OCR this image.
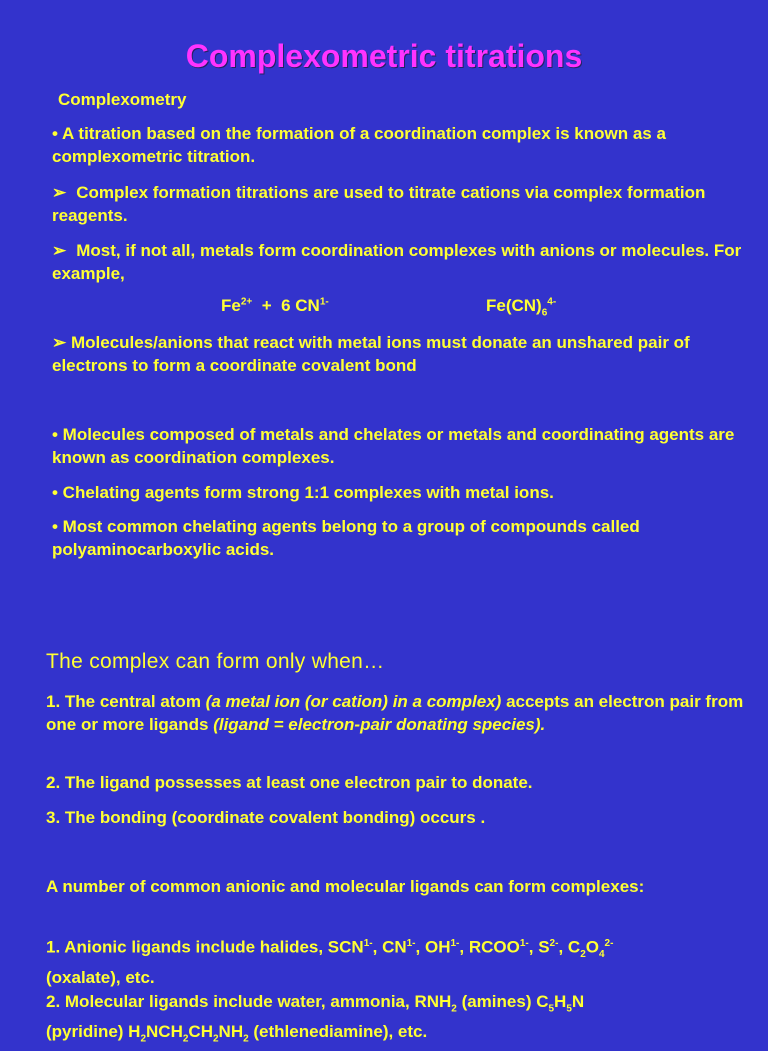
Complexometric titrations
Complexometry
• A titration based on the formation of a coordination complex is known as a complexometric titration.
➢ Complex formation titrations are used to titrate cations via complex formation reagents.
➢ Most, if not all, metals form coordination complexes with anions or molecules. For example,
$Fe^{2+} + 6$ $CN^{1-}$	$Fe(CN)_6^{4-}$
➢ Molecules/anions that react with metal ions must donate an unshared pair of electrons to form a coordinate covalent bond
• Molecules composed of metals and chelates or metals and coordinating agents are known as coordination complexes.
• Chelating agents form strong 1:1 complexes with metal ions.
• Most common chelating agents belong to a group of compounds called polyaminocarboxylic acids.
The complex can form only when…
1. The central atom (a metal ion (or cation) in a complex) accepts an electron pair from one or more ligands (ligand = electron-pair donating species).
2. The ligand possesses at least one electron pair to donate.
3. The bonding (coordinate covalent bonding) occurs .
A number of common anionic and molecular ligands can form complexes:
1. Anionic ligands include halides, $SCN^{1-}$, $CN^{1-}$, $OH^{1-}$, $RCOO^{1-}$, $S^{2-}$, $C_2O_4^{2-}$
(oxalate), etc.
2. Molecular ligands include water, ammonia, $RNH_2$ (amines) $C_5H_5N$
(pyridine) $H_2NCH_2CH_2NH_2$ (ethlenediamine), etc.
